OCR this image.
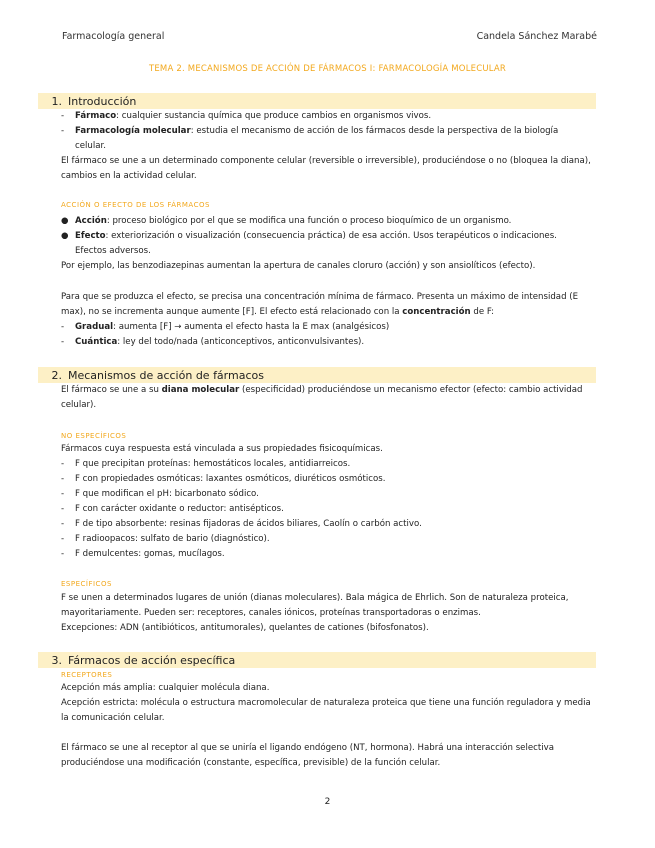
Farmacología general	Candela Sánchez Marabé
TEMA 2. MECANISMOS DE ACCIÓN DE FÁRMACOS I: FARMACOLOGÍA MOLECULAR
1. Introducción
- Fármaco: cualquier sustancia química que produce cambios en organismos vivos.
- Farmacología molecular: estudia el mecanismo de acción de los fármacos desde la perspectiva de la biología celular.

El fármaco se une a un determinado componente celular (reversible o irreversible), produciéndose o no (bloquea la diana), cambios en la actividad celular.

ACCIÓN O EFECTO DE LOS FÁRMACOS
● Acción: proceso biológico por el que se modifica una función o proceso bioquímico de un organismo.
● Efecto: exteriorización o visualización (consecuencia práctica) de esa acción. Usos terapéuticos o indicaciones. Efectos adversos.

Por ejemplo, las benzodiazepinas aumentan la apertura de canales cloruro (acción) y son ansiolíticos (efecto).

Para que se produzca el efecto, se precisa una concentración mínima de fármaco. Presenta un máximo de intensidad (E max), no se incrementa aunque aumente [F]. El efecto está relacionado con la concentración de F:

- Gradual: aumenta [F] → aumenta el efecto hasta la E max (analgésicos)
- Cuántica: ley del todo/nada (anticonceptivos, anticonvulsivantes).
2. Mecanismos de acción de fármacos

El fármaco se une a su diana molecular (especificidad) produciéndose un mecanismo efector (efecto: cambio actividad celular).

NO ESPECÍFICOS

Fármacos cuya respuesta está vinculada a sus propiedades fisicoquímicas.

- F que precipitan proteínas: hemostáticos locales, antidiarreicos.
- F con propiedades osmóticas: laxantes osmóticos, diuréticos osmóticos.
- F que modifican el pH: bicarbonato sódico.
- F con carácter oxidante o reductor: antisépticos.
- F de tipo absorbente: resinas fijadoras de ácidos biliares, Caolín o carbón activo.
- F radioopacos: sulfato de bario (diagnóstico).
- F demulcentes: gomas, mucílagos.
ESPECÍFICOS

F se unen a determinados lugares de unión (dianas moleculares). Bala mágica de Ehrlich. Son de naturaleza proteica, mayoritariamente. Pueden ser: receptores, canales iónicos, proteínas transportadoras o enzimas.

Excepciones: ADN (antibióticos, antitumorales), quelantes de cationes (bifosfonatos).

3. Fármacos de acción específica
RECEPTORES

Acepción más amplia: cualquier molécula diana.

Acepción estricta: molécula o estructura macromolecular de naturaleza proteica que tiene una función reguladora y media la comunicación celular.

El fármaco se une al receptor al que se uniría el ligando endógeno (NT, hormona). Habrá una interacción selectiva produciéndose una modificación (constante, específica, previsible) de la función celular.

2
